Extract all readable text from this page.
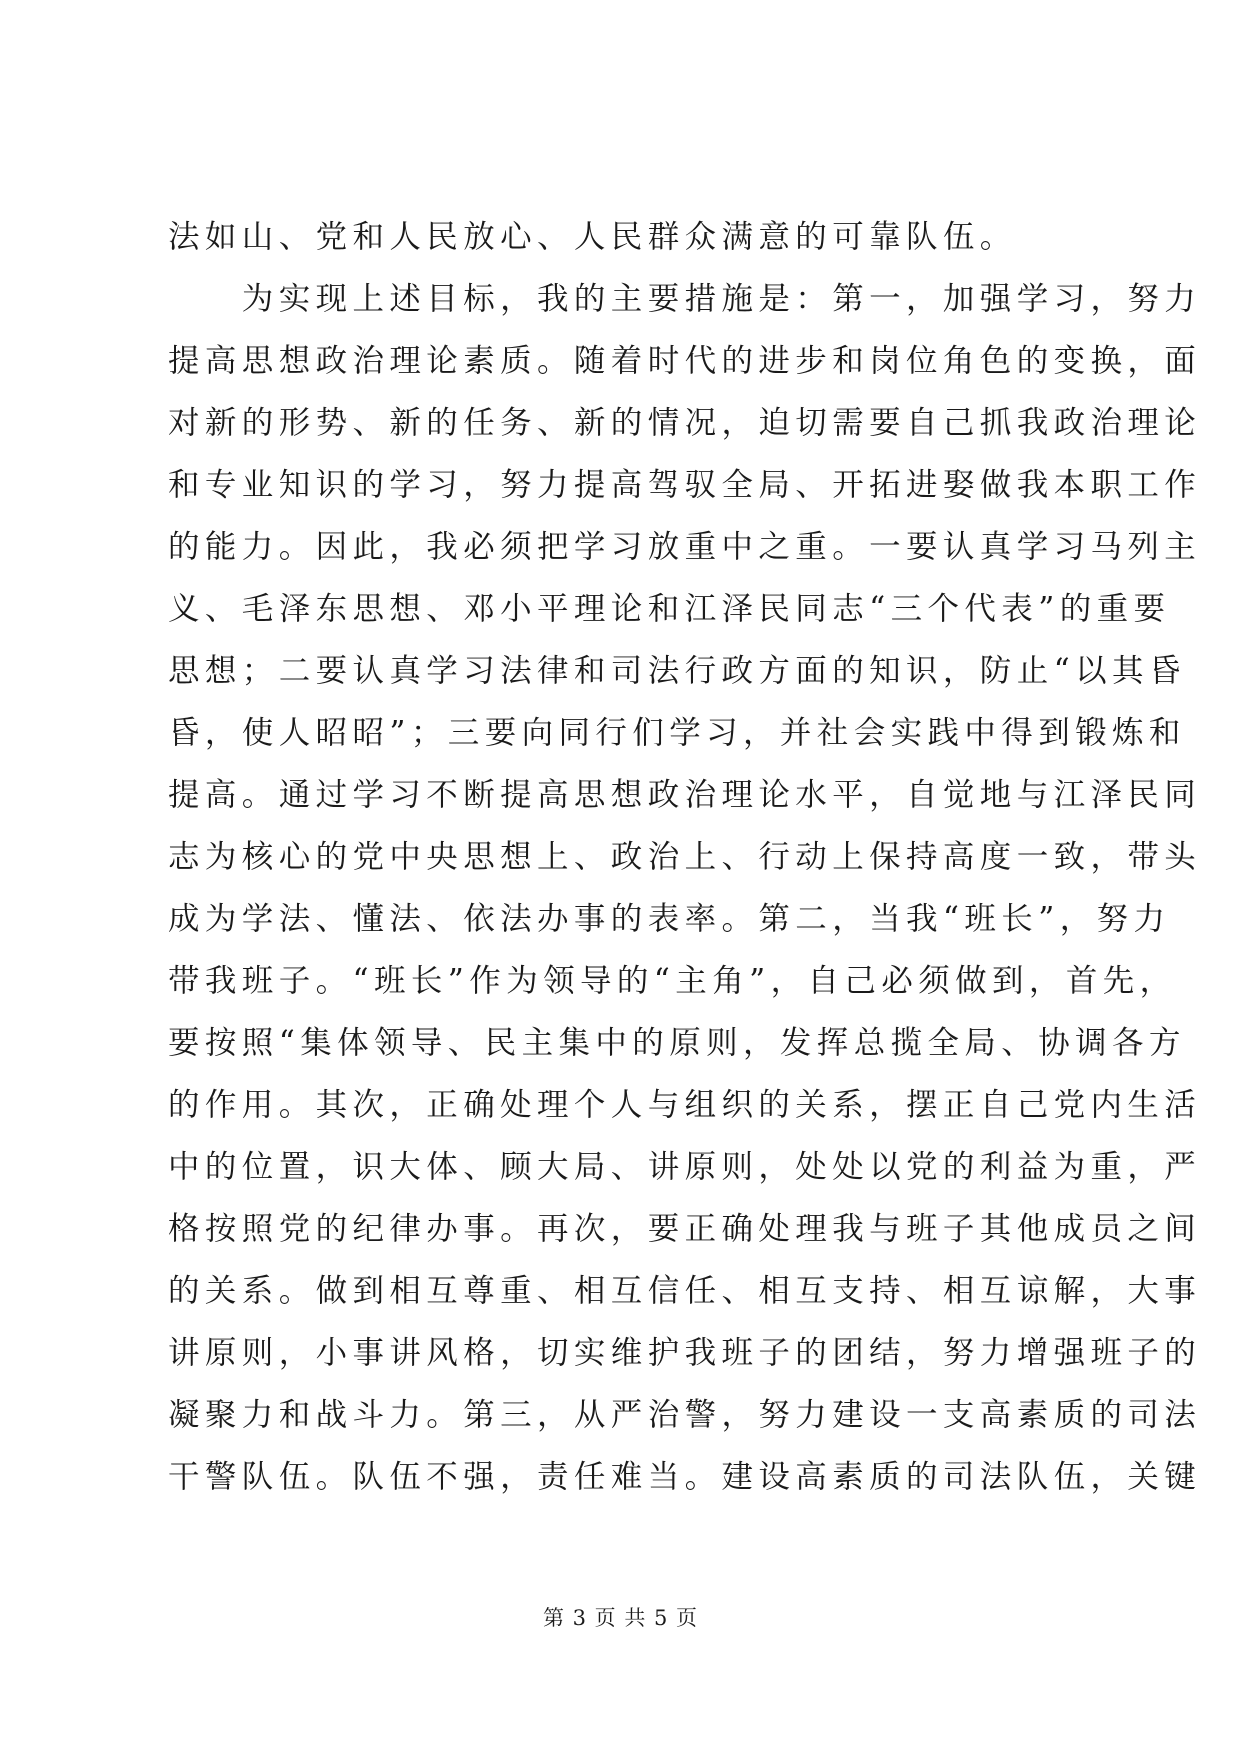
法如山、党和人民放心、人民群众满意的可靠队伍。
　　为实现上述目标，我的主要措施是：第一，加强学习，努力
提高思想政治理论素质。随着时代的进步和岗位角色的变换，面
对新的形势、新的任务、新的情况，迫切需要自己抓我政治理论
和专业知识的学习，努力提高驾驭全局、开拓进娶做我本职工作
的能力。因此，我必须把学习放重中之重。一要认真学习马列主
义、毛泽东思想、邓小平理论和江泽民同志“三个代表”的重要
思想；二要认真学习法律和司法行政方面的知识，防止“以其昏
昏，使人昭昭”；三要向同行们学习，并社会实践中得到锻炼和
提高。通过学习不断提高思想政治理论水平，自觉地与江泽民同
志为核心的党中央思想上、政治上、行动上保持高度一致，带头
成为学法、懂法、依法办事的表率。第二，当我“班长”，努力
带我班子。“班长”作为领导的“主角”，自己必须做到，首先，
要按照“集体领导、民主集中的原则，发挥总揽全局、协调各方
的作用。其次，正确处理个人与组织的关系，摆正自己党内生活
中的位置，识大体、顾大局、讲原则，处处以党的利益为重，严
格按照党的纪律办事。再次，要正确处理我与班子其他成员之间
的关系。做到相互尊重、相互信任、相互支持、相互谅解，大事
讲原则，小事讲风格，切实维护我班子的团结，努力增强班子的
凝聚力和战斗力。第三，从严治警，努力建设一支高素质的司法
干警队伍。队伍不强，责任难当。建设高素质的司法队伍，关键
第 3 页 共 5 页
